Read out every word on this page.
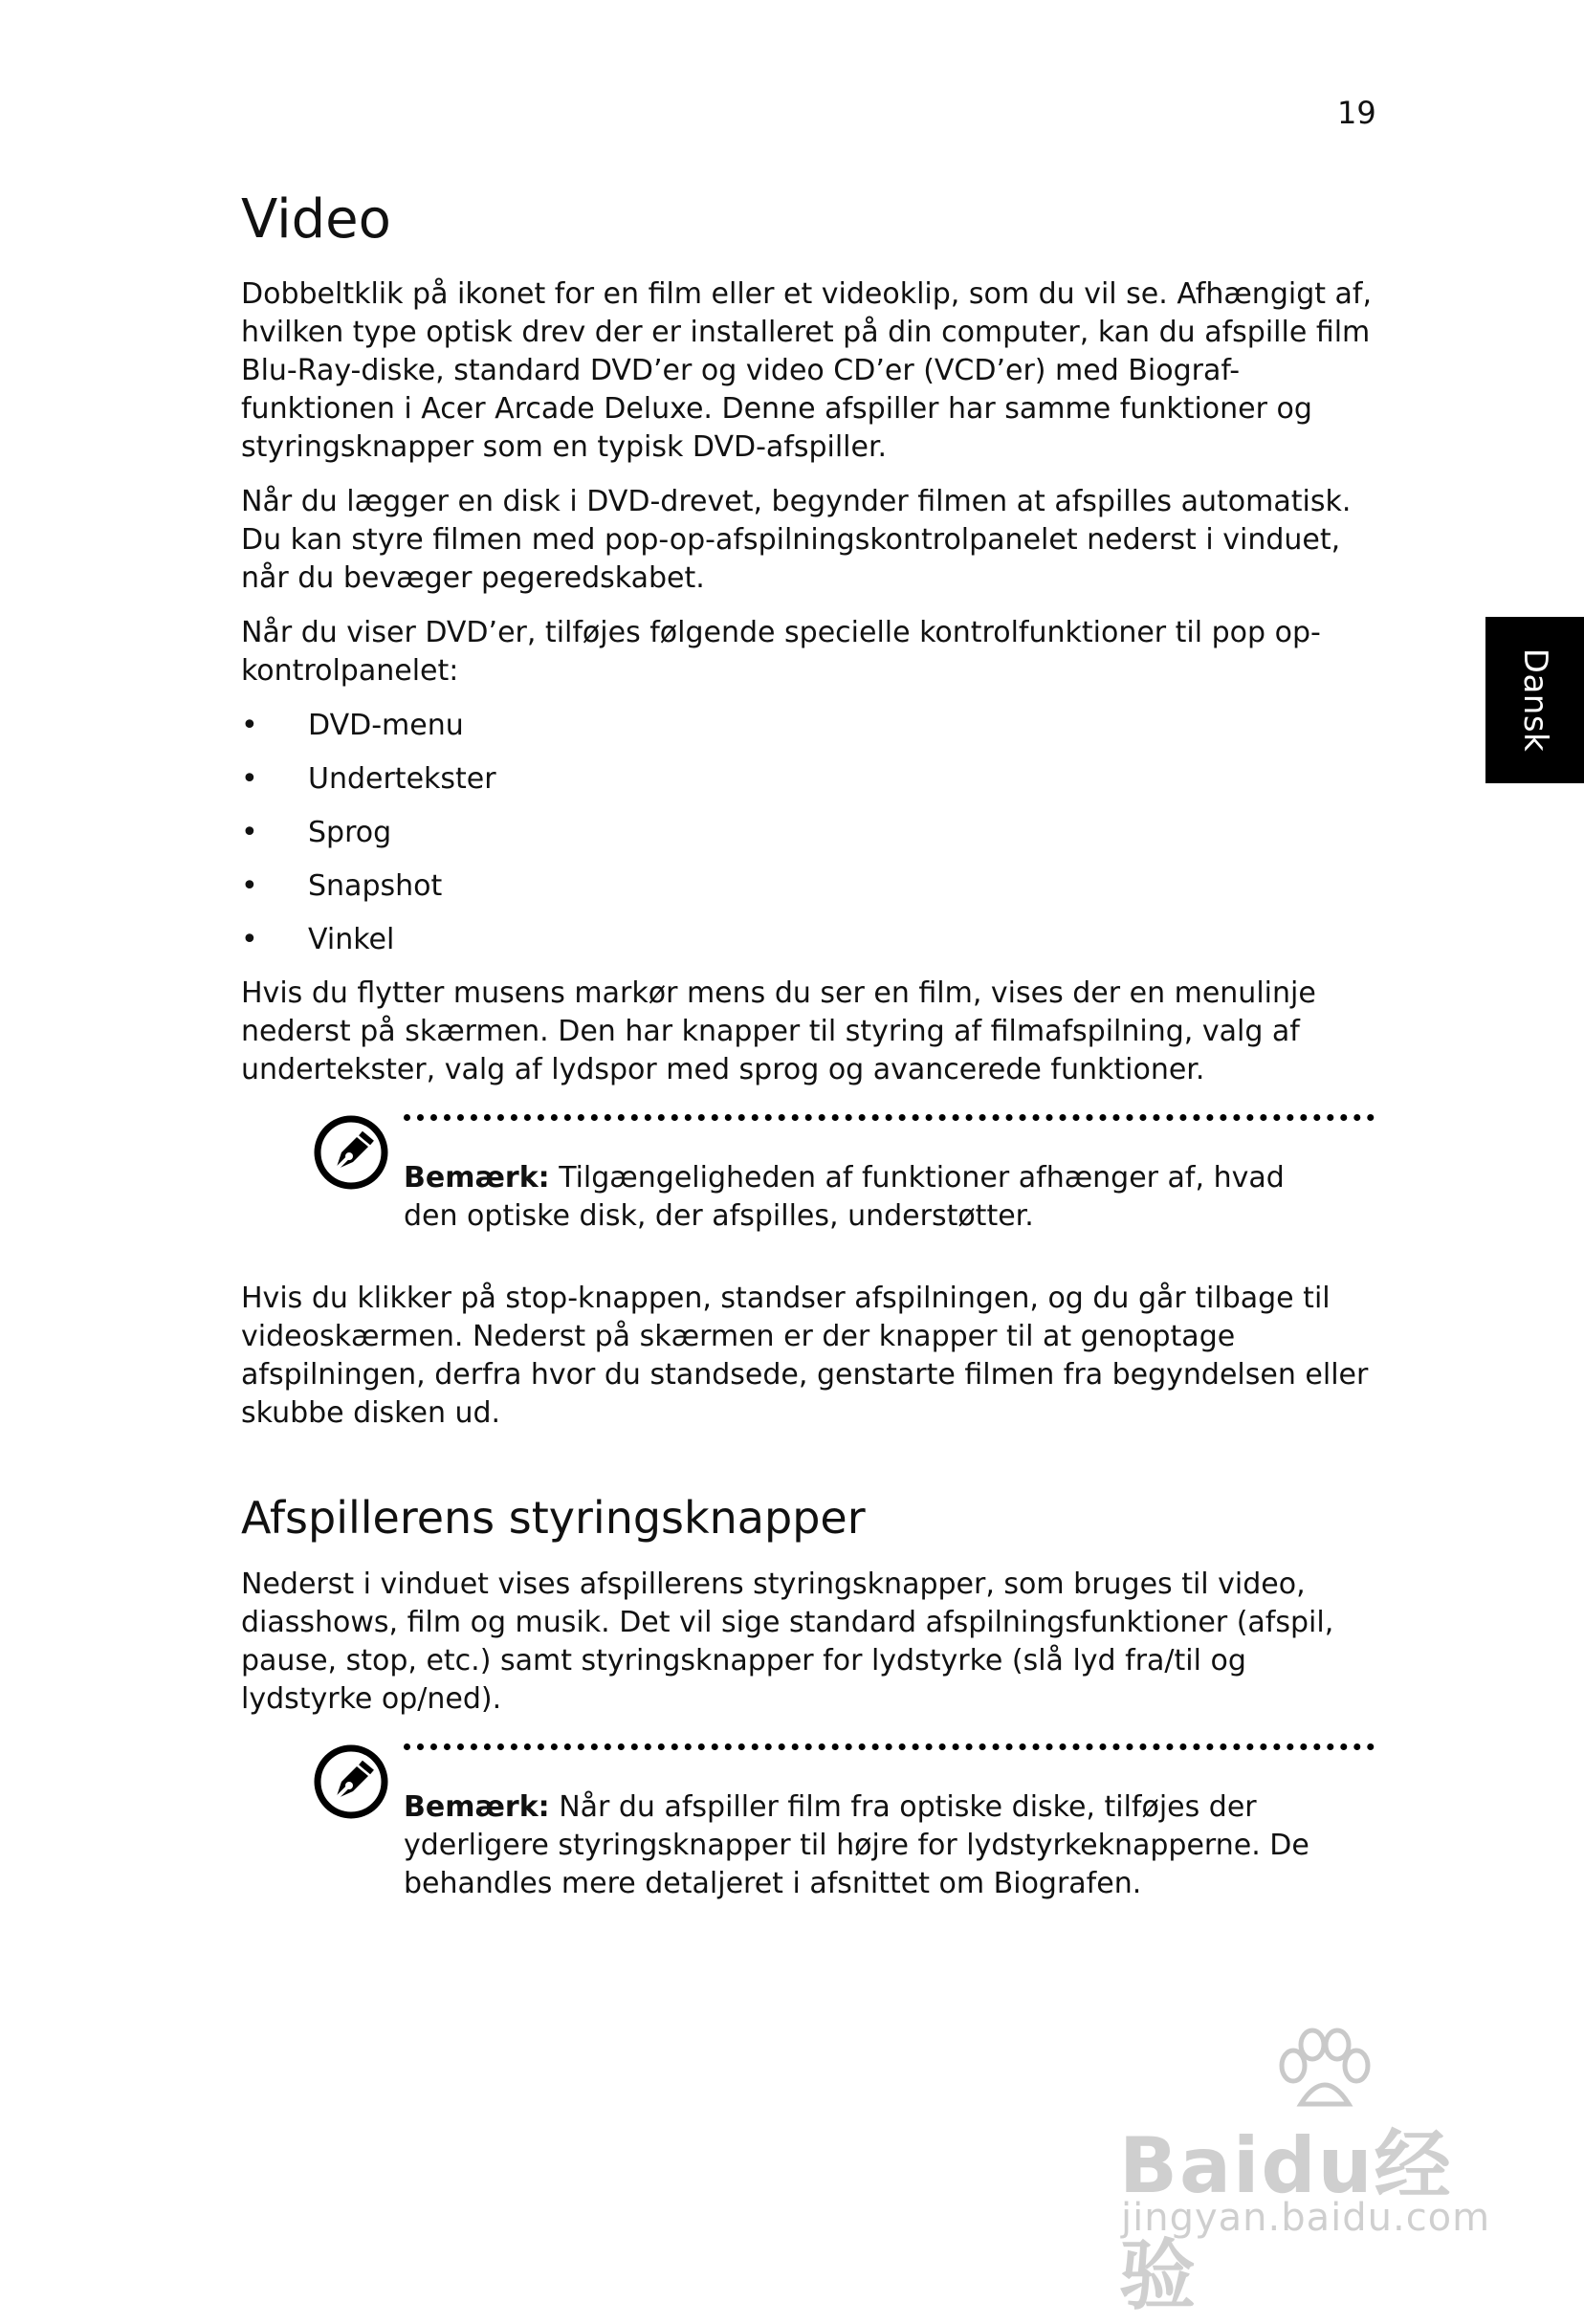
19
Dansk
Video

Dobbeltklik på ikonet for en film eller et videoklip, som du vil se. Afhængigt af, hvilken type optisk drev der er installeret på din computer, kan du afspille film Blu-Ray-diske, standard DVD’er og video CD’er (VCD’er) med Biograf-funktionen i Acer Arcade Deluxe. Denne afspiller har samme funktioner og styringsknapper som en typisk DVD-afspiller.

Når du lægger en disk i DVD-drevet, begynder filmen at afspilles automatisk. Du kan styre filmen med pop-op-afspilningskontrolpanelet nederst i vinduet, når du bevæger pegeredskabet.

Når du viser DVD’er, tilføjes følgende specielle kontrolfunktioner til pop op-kontrolpanelet:

• DVD-menu
• Undertekster
• Sprog
• Snapshot
• Vinkel

Hvis du flytter musens markør mens du ser en film, vises der en menulinje nederst på skærmen. Den har knapper til styring af filmafspilning, valg af undertekster, valg af lydspor med sprog og avancerede funktioner.

Bemærk: Tilgængeligheden af funktioner afhænger af, hvad den optiske disk, der afspilles, understøtter.

Hvis du klikker på stop-knappen, standser afspilningen, og du går tilbage til videoskærmen. Nederst på skærmen er der knapper til at genoptage afspilningen, derfra hvor du standsede, genstarte filmen fra begyndelsen eller skubbe disken ud.

Afspillerens styringsknapper

Nederst i vinduet vises afspillerens styringsknapper, som bruges til video, diasshows, film og musik. Det vil sige standard afspilningsfunktioner (afspil, pause, stop, etc.) samt styringsknapper for lydstyrke (slå lyd fra/til og lydstyrke op/ned).

Bemærk: Når du afspiller film fra optiske diske, tilføjes der yderligere styringsknapper til højre for lydstyrkeknapperne. De behandles mere detaljeret i afsnittet om Biografen.
Baidu经验
jingyan.baidu.com
